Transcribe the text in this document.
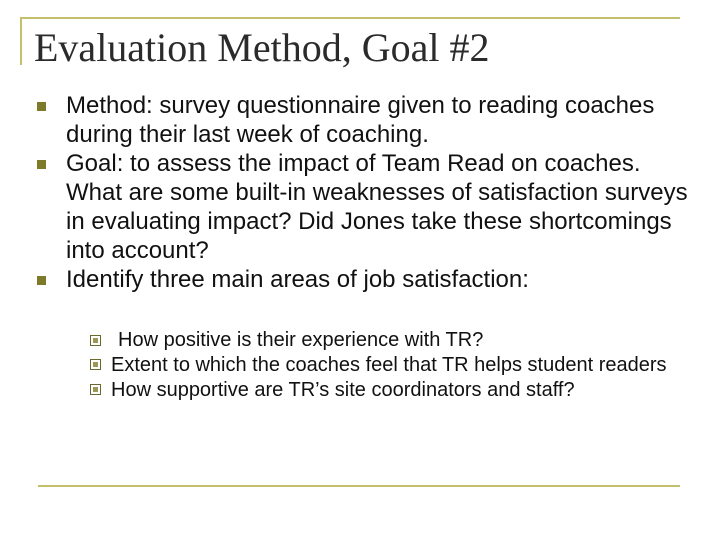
Evaluation Method, Goal #2
Method: survey questionnaire given to reading coaches during their last week of coaching.
Goal: to assess the impact of Team Read on coaches. What are some built-in weaknesses of satisfaction surveys in evaluating impact? Did Jones take these shortcomings into account?
Identify three main areas of job satisfaction:
How positive is their experience with TR?
Extent to which the coaches feel that TR helps student readers
How supportive are TR’s site coordinators and staff?
